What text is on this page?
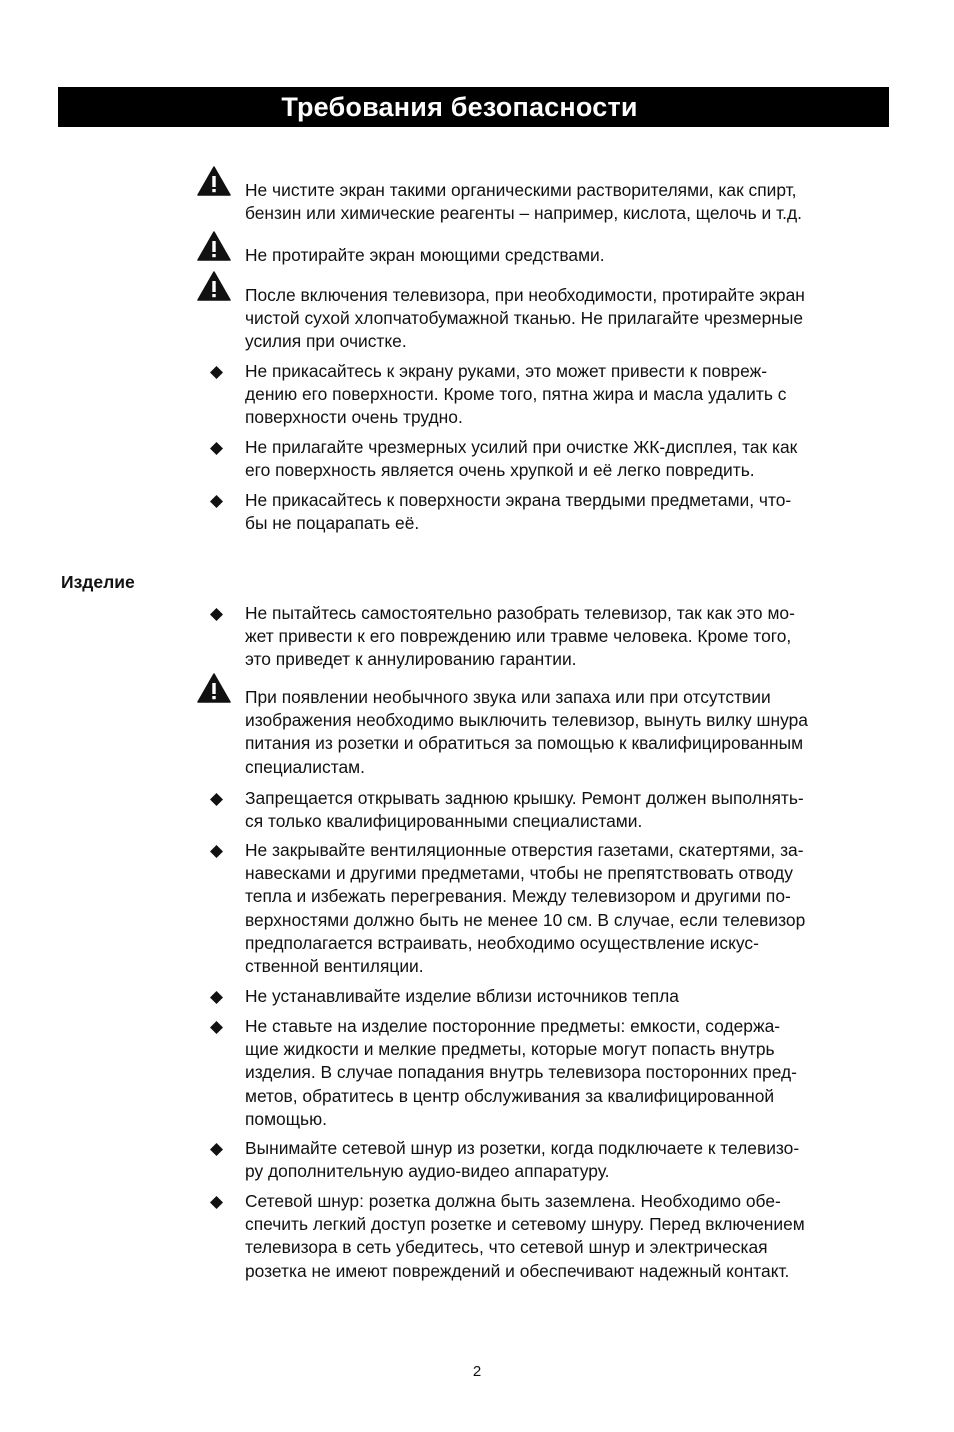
Требования безопасности
Не чистите экран такими органическими растворителями, как спирт,
бензин или химические реагенты – например, кислота, щелочь и т.д.
Не протирайте экран моющими средствами.
После включения телевизора, при необходимости, протирайте экран
чистой сухой хлопчатобумажной тканью. Не прилагайте чрезмерные
усилия при очистке.
Не прикасайтесь к экрану руками, это может привести к повреж-
дению его поверхности. Кроме того, пятна жира и масла удалить с
поверхности очень трудно.
Не прилагайте чрезмерных усилий при очистке ЖК-дисплея, так как
его поверхность является очень хрупкой и её легко повредить.
Не прикасайтесь к поверхности экрана твердыми предметами, что-
бы не поцарапать её.
Изделие
Не пытайтесь самостоятельно разобрать телевизор, так как это мо-
жет привести к его повреждению или травме человека. Кроме того,
это приведет к аннулированию гарантии.
При появлении необычного звука или запаха или при отсутствии
изображения необходимо выключить телевизор, вынуть вилку шнура
питания из розетки и обратиться за помощью к квалифицированным
специалистам.
Запрещается открывать заднюю крышку. Ремонт должен выполнять-
ся только квалифицированными специалистами.
Не закрывайте вентиляционные отверстия газетами, скатертями, за-
навесками и другими предметами, чтобы не препятствовать отводу
тепла и избежать перегревания. Между телевизором и другими по-
верхностями должно быть не менее 10 см. В случае, если телевизор
предполагается встраивать, необходимо осуществление искус-
ственной вентиляции.
Не устанавливайте изделие вблизи источников тепла
Не ставьте на изделие посторонние предметы: емкости, содержа-
щие жидкости и мелкие предметы, которые могут попасть внутрь
изделия. В случае попадания внутрь телевизора посторонних пред-
метов, обратитесь в центр обслуживания за квалифицированной
помощью.
Вынимайте сетевой шнур из розетки, когда подключаете к телевизо-
ру дополнительную аудио-видео аппаратуру.
Сетевой шнур: розетка должна быть заземлена. Необходимо обе-
спечить легкий доступ розетке и сетевому шнуру. Перед включением
телевизора в сеть убедитесь, что сетевой шнур и электрическая
розетка не имеют повреждений и обеспечивают надежный контакт.
2
